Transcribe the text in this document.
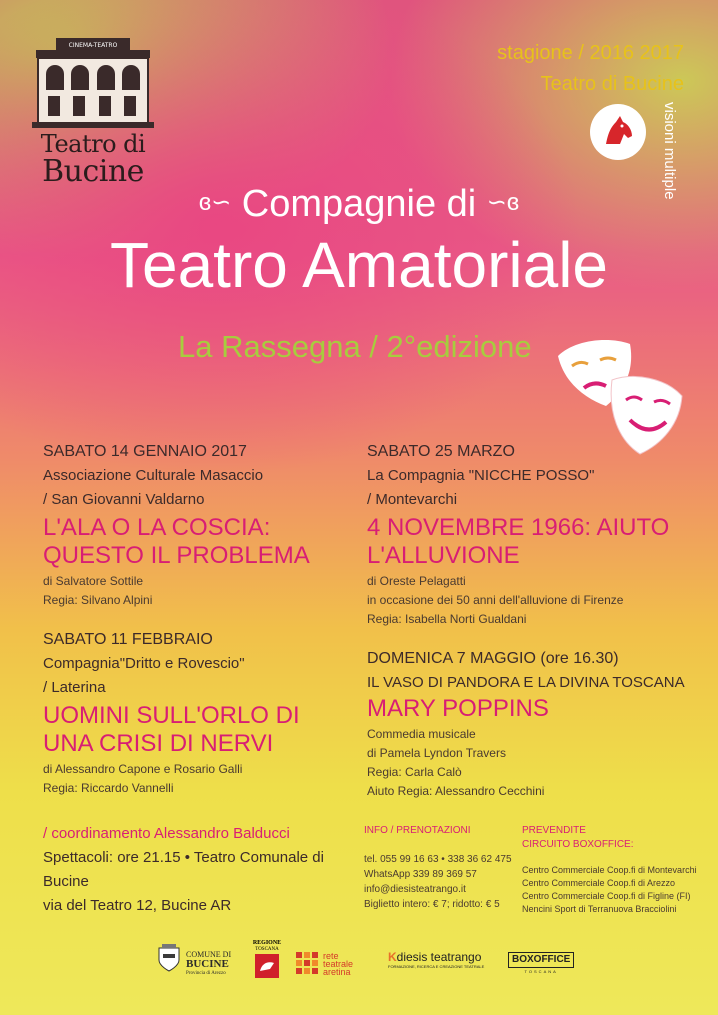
CINEMA-TEATRO
Teatro di
Bucine
stagione / 2016 2017
Teatro di Bucine
visioni multiple
ɞ∽ Compagnie di ∽ɞ
Teatro Amatoriale
La Rassegna / 2°edizione
SABATO 14 GENNAIO 2017
Associazione Culturale Masaccio
/ San Giovanni Valdarno
L'ALA O LA COSCIA: QUESTO IL PROBLEMA
di Salvatore Sottile
Regia: Silvano Alpini
SABATO 11 FEBBRAIO
Compagnia"Dritto e Rovescio"
/ Laterina
UOMINI SULL'ORLO DI UNA CRISI DI NERVI
di Alessandro Capone e Rosario Galli
Regia: Riccardo Vannelli
SABATO 25 MARZO
La Compagnia "NICCHE POSSO"
/ Montevarchi
4 NOVEMBRE 1966: AIUTO L'ALLUVIONE
di Oreste Pelagatti
in occasione dei 50 anni dell'alluvione di Firenze
Regia: Isabella Norti Gualdani
DOMENICA 7 MAGGIO (ore 16.30)
IL VASO DI PANDORA E LA DIVINA TOSCANA
MARY POPPINS
Commedia musicale
di Pamela Lyndon Travers
Regia: Carla Calò
Aiuto Regia: Alessandro Cecchini
/ coordinamento Alessandro Balducci
Spettacoli: ore 21.15 • Teatro Comunale di Bucine
via del Teatro 12, Bucine AR
INFO / PRENOTAZIONI
tel. 055 99 16 63 • 338 36 62 475
WhatsApp 339 89 369 57
info@diesisteatrango.it
Biglietto intero: € 7; ridotto: € 5
PREVENDITE
CIRCUITO BOXOFFICE:
Centro Commerciale Coop.fi di Montevarchi
Centro Commerciale Coop.fi di Arezzo
Centro Commerciale Coop.fi di Figline (FI)
Nencini Sport di Terranuova Bracciolini
COMUNE DI
BUCINE
Provincia di Arezzo
REGIONE
TOSCANA
rete
teatrale
aretina
Kdiesis teatrango
FORMAZIONE, RICERCA E CREAZIONE TEATRALE
BOXOFFICE
TOSCANA
